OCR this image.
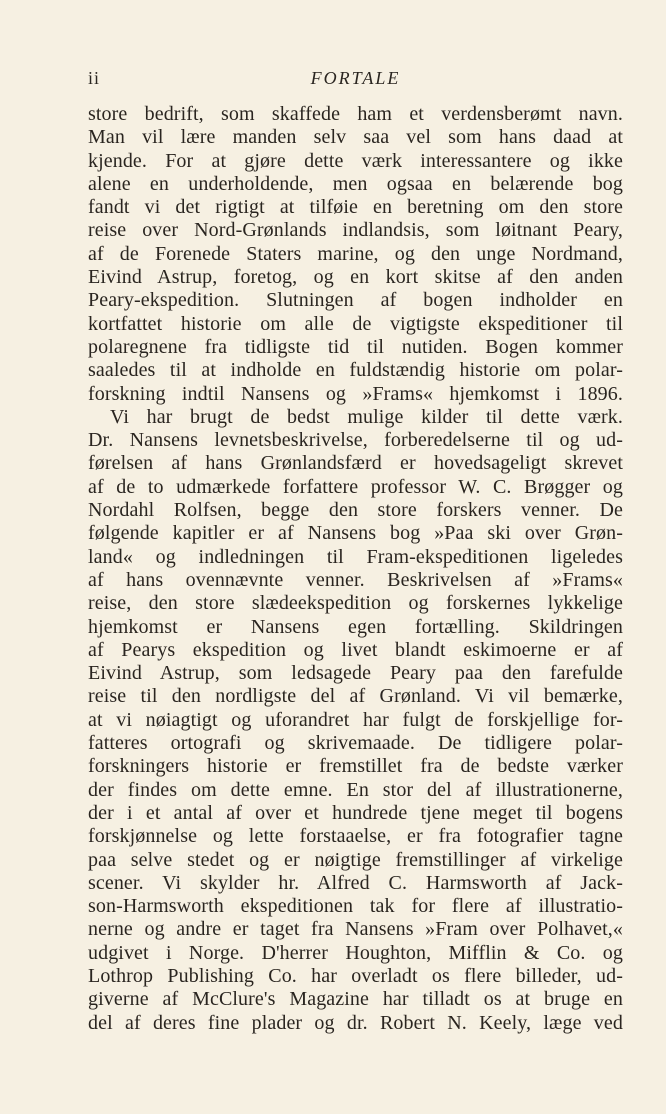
ii	FORTALE
store bedrift, som skaffede ham et verdensberømt navn.
Man vil lære manden selv saa vel som hans daad at
kjende. For at gjøre dette værk interessantere og ikke
alene en underholdende, men ogsaa en belærende bog
fandt vi det rigtigt at tilføie en beretning om den store
reise over Nord-Grønlands indlandsis, som løitnant Peary,
af de Forenede Staters marine, og den unge Nordmand,
Eivind Astrup, foretog, og en kort skitse af den anden
Peary-ekspedition. Slutningen af bogen indholder en
kortfattet historie om alle de vigtigste ekspeditioner til
polaregnene fra tidligste tid til nutiden. Bogen kommer
saaledes til at indholde en fuldstændig historie om polar-
forskning indtil Nansens og »Frams« hjemkomst i 1896.
Vi har brugt de bedst mulige kilder til dette værk.
Dr. Nansens levnetsbeskrivelse, forberedelserne til og ud-
førelsen af hans Grønlandsfærd er hovedsageligt skrevet
af de to udmærkede forfattere professor W. C. Brøgger og
Nordahl Rolfsen, begge den store forskers venner. De
følgende kapitler er af Nansens bog »Paa ski over Grøn-
land« og indledningen til Fram-ekspeditionen ligeledes
af hans ovennævnte venner. Beskrivelsen af »Frams«
reise, den store slædeekspedition og forskernes lykkelige
hjemkomst er Nansens egen fortælling. Skildringen
af Pearys ekspedition og livet blandt eskimoerne er af
Eivind Astrup, som ledsagede Peary paa den farefulde
reise til den nordligste del af Grønland. Vi vil bemærke,
at vi nøiagtigt og uforandret har fulgt de forskjellige for-
fatteres ortografi og skrivemaade. De tidligere polar-
forskningers historie er fremstillet fra de bedste værker
der findes om dette emne. En stor del af illustrationerne,
der i et antal af over et hundrede tjene meget til bogens
forskjønnelse og lette forstaaelse, er fra fotografier tagne
paa selve stedet og er nøigtige fremstillinger af virkelige
scener. Vi skylder hr. Alfred C. Harmsworth af Jack-
son-Harmsworth ekspeditionen tak for flere af illustratio-
nerne og andre er taget fra Nansens »Fram over Polhavet,«
udgivet i Norge. D'herrer Houghton, Mifflin & Co. og
Lothrop Publishing Co. har overladt os flere billeder, ud-
giverne af McClure's Magazine har tilladt os at bruge en
del af deres fine plader og dr. Robert N. Keely, læge ved
